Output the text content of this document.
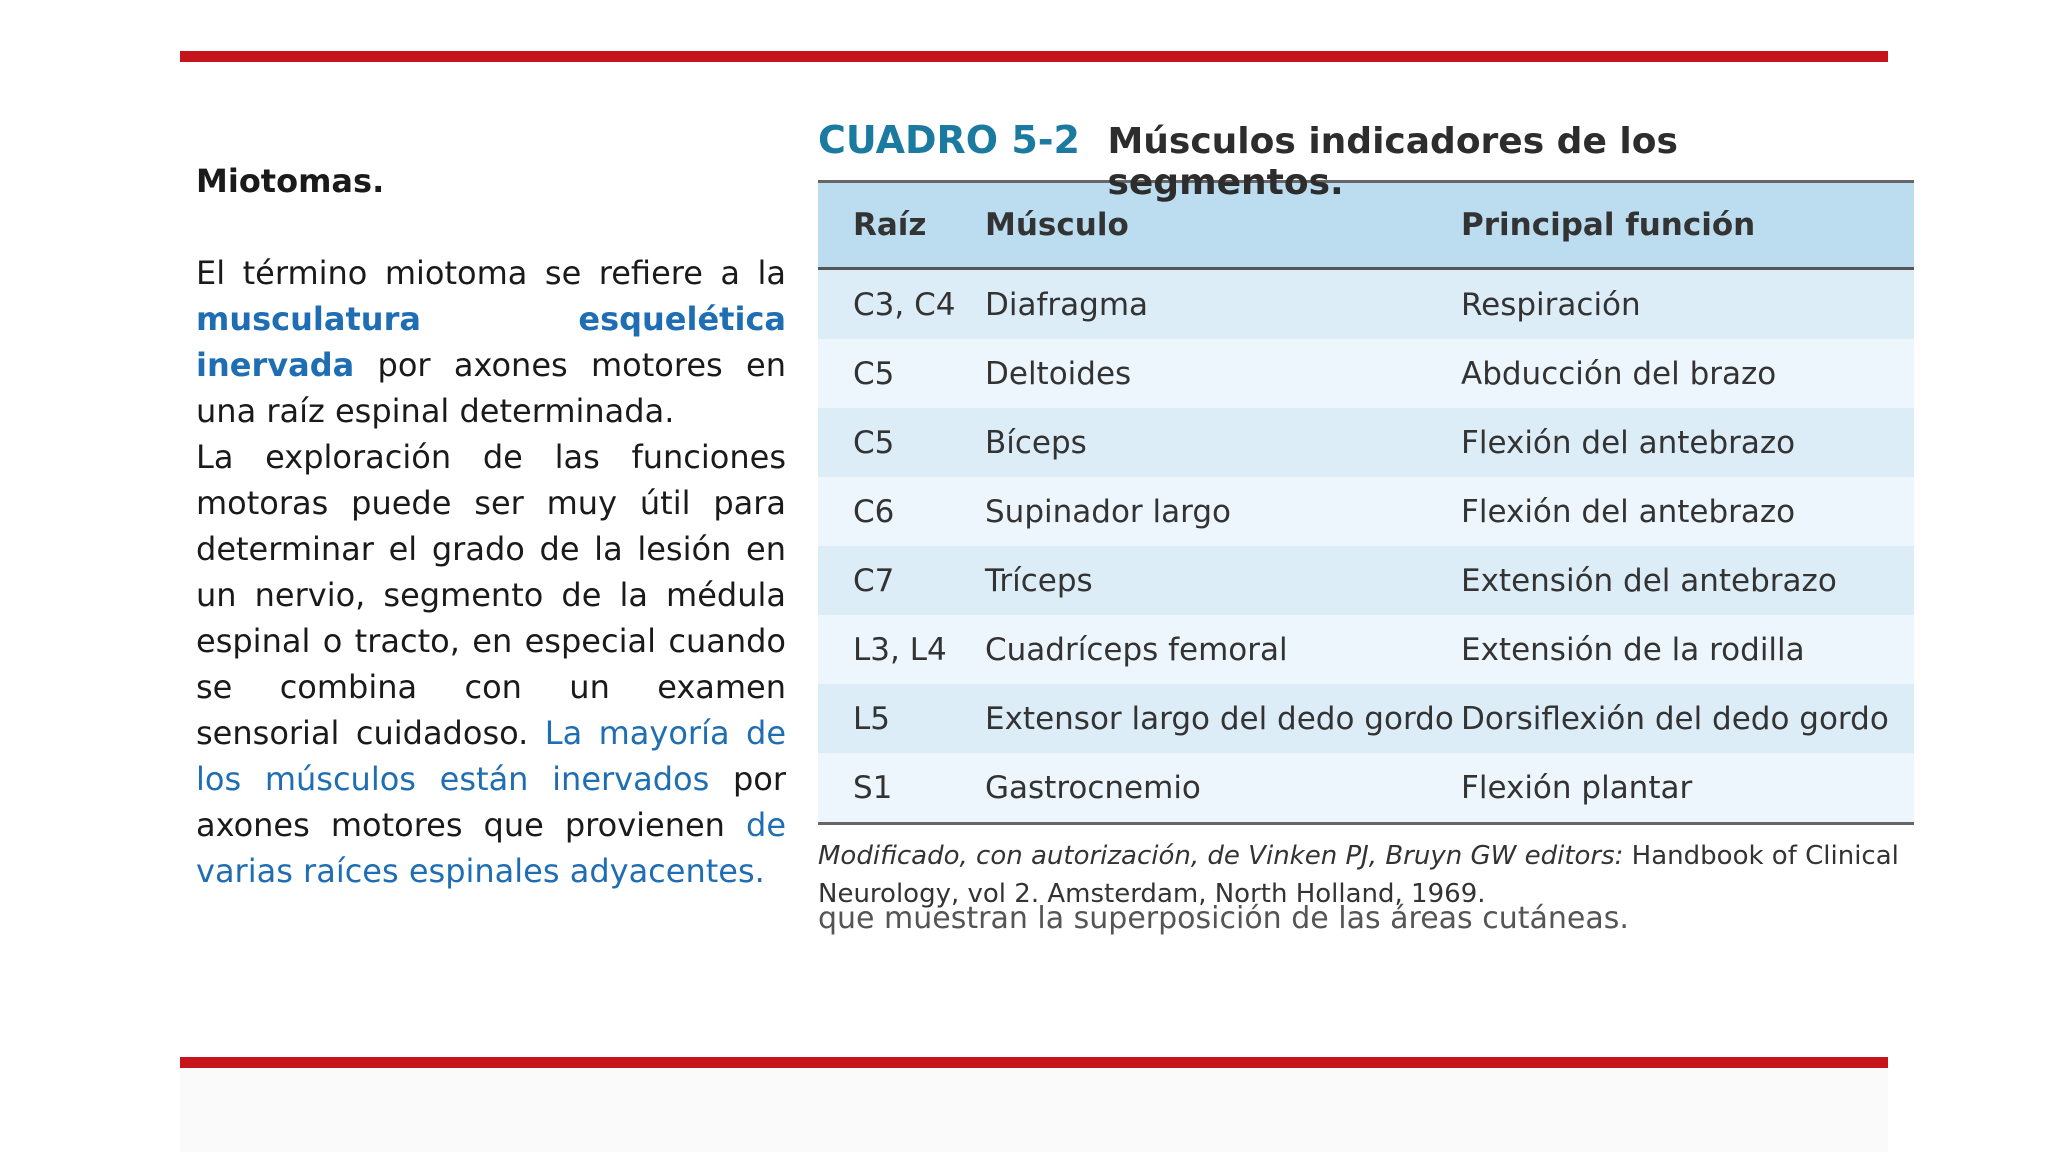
Miotomas.

El término miotoma se refiere a la musculatura esquelética inervada por axones motores en una raíz espinal determinada.

La exploración de las funciones motoras puede ser muy útil para determinar el grado de la lesión en un nervio, segmento de la médula espinal o tracto, en especial cuando se combina con un examen sensorial cuidadoso. La mayoría de los músculos están inervados por axones motores que provienen de varias raíces espinales adyacentes.

CUADRO 5-2 Músculos indicadores de los segmentos.
Raíz	Músculo	Principal función
C3, C4	Diafragma	Respiración
C5	Deltoides	Abducción del brazo
C5	Bíceps	Flexión del antebrazo
C6	Supinador largo	Flexión del antebrazo
C7	Tríceps	Extensión del antebrazo
L3, L4	Cuadríceps femoral	Extensión de la rodilla
L5	Extensor largo del dedo gordo	Dorsiflexión del dedo gordo
S1	Gastrocnemio	Flexión plantar
Modificado, con autorización, de Vinken PJ, Bruyn GW editors: Handbook of Clinical Neurology, vol 2. Amsterdam, North Holland, 1969.
que muestran la superposición de las áreas cutáneas.
